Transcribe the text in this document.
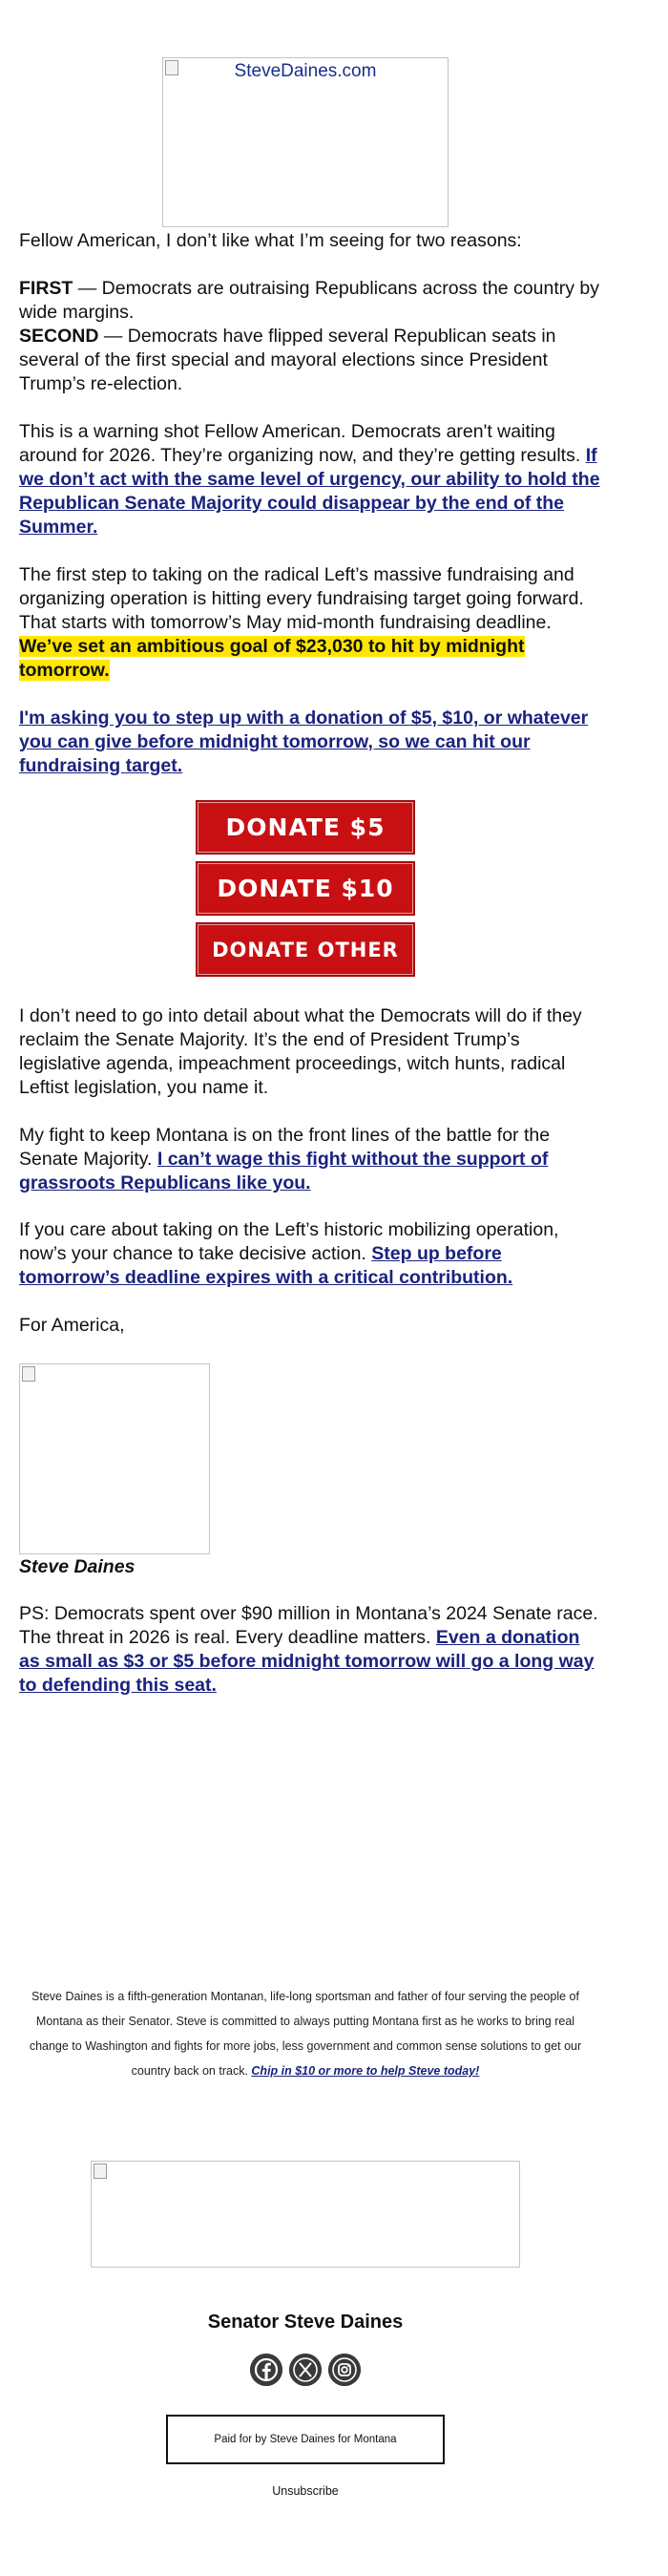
SteveDaines.com

Fellow American, I don’t like what I’m seeing for two reasons:

FIRST — Democrats are outraising Republicans across the country by wide margins.

SECOND — Democrats have flipped several Republican seats in several of the first special and mayoral elections since President Trump’s re-election.

This is a warning shot Fellow American. Democrats aren't waiting around for 2026. They’re organizing now, and they’re getting results. If we don’t act with the same level of urgency, our ability to hold the Republican Senate Majority could disappear by the end of the Summer.

The first step to taking on the radical Left’s massive fundraising and organizing operation is hitting every fundraising target going forward. That starts with tomorrow’s May mid-month fundraising deadline. We’ve set an ambitious goal of $23,030 to hit by midnight tomorrow.

I'm asking you to step up with a donation of $5, $10, or whatever you can give before midnight tomorrow, so we can hit our fundraising target.

DONATE $5
DONATE $10
DONATE OTHER

I don’t need to go into detail about what the Democrats will do if they reclaim the Senate Majority. It’s the end of President Trump’s legislative agenda, impeachment proceedings, witch hunts, radical Leftist legislation, you name it.

My fight to keep Montana is on the front lines of the battle for the Senate Majority. I can’t wage this fight without the support of grassroots Republicans like you.

If you care about taking on the Left’s historic mobilizing operation, now’s your chance to take decisive action. Step up before tomorrow’s deadline expires with a critical contribution.

For America,

Steve Daines

PS: Democrats spent over $90 million in Montana’s 2024 Senate race. The threat in 2026 is real. Every deadline matters. Even a donation as small as $3 or $5 before midnight tomorrow will go a long way to defending this seat.

Steve Daines is a fifth-generation Montanan, life-long sportsman and father of four serving the people of Montana as their Senator. Steve is committed to always putting Montana first as he works to bring real change to Washington and fights for more jobs, less government and common sense solutions to get our country back on track. Chip in $10 or more to help Steve today!
Senator Steve Daines
Paid for by Steve Daines for Montana
Unsubscribe
